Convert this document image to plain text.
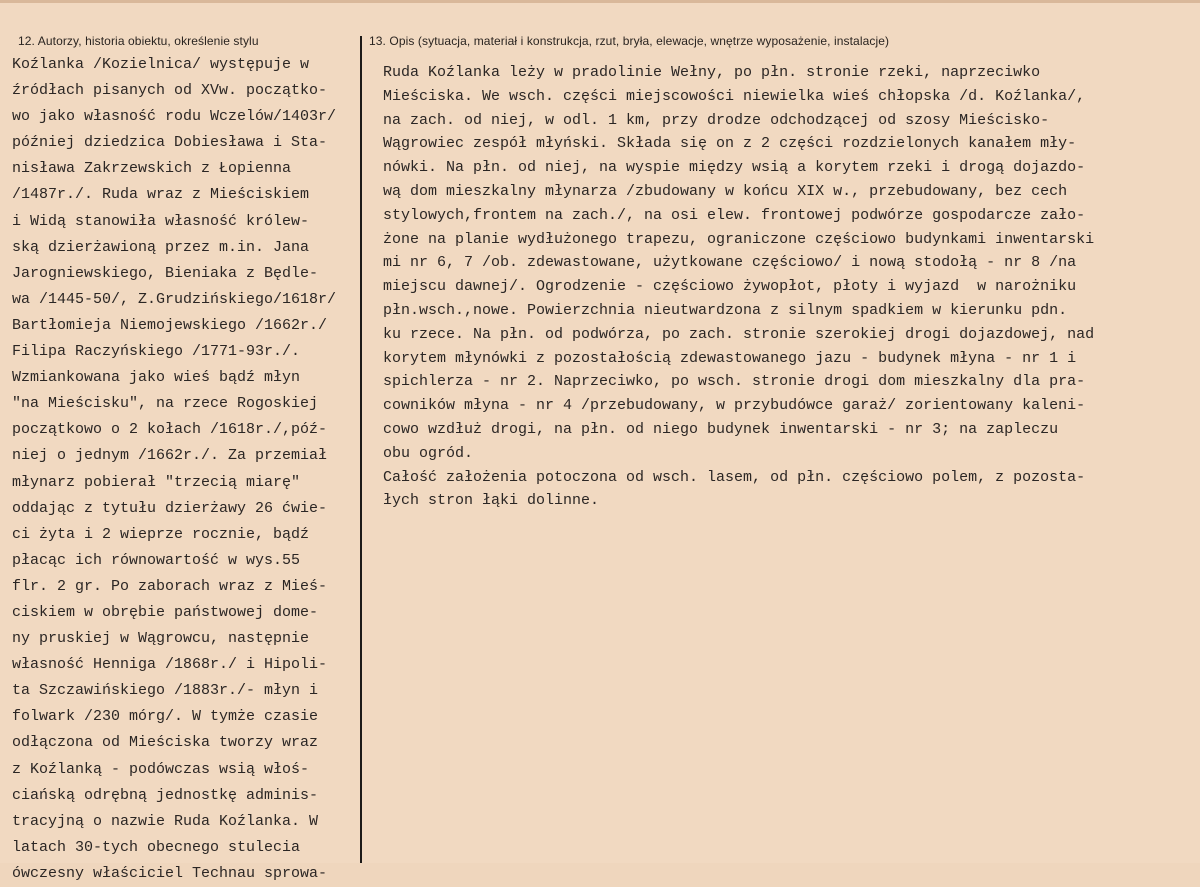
12. Autorzy, historia obiektu, określenie stylu	13. Opis (sytuacja, materiał i konstrukcja, rzut, bryła, elewacje, wnętrze wyposażenie, instalacje)
Koźlanka /Kozielnica/ występuje w
źródłach pisanych od XVw. początko-
wo jako własność rodu Wczelów/1403r/
później dziedzica Dobiesława i Sta-
nisława Zakrzewskich z Łopienna
/1487r./. Ruda wraz z Mieściskiem
i Widą stanowiła własność królew-
ską dzierżawioną przez m.in. Jana
Jarogniewskiego, Bieniaka z Będle-
wa /1445-50/, Z.Grudzińskiego/1618r/
Bartłomieja Niemojewskiego /1662r./
Filipa Raczyńskiego /1771-93r./.
Wzmiankowana jako wieś bądź młyn
"na Mieścisku", na rzece Rogoskiej
początkowo o 2 kołach /1618r./,póź-
niej o jednym /1662r./. Za przemiał
młynarz pobierał "trzecią miarę"
oddając z tytułu dzierżawy 26 ćwie-
ci żyta i 2 wieprze rocznie, bądź
płacąc ich równowartość w wys.55
flr. 2 gr. Po zaborach wraz z Mieś-
ciskiem w obrębie państwowej dome-
ny pruskiej w Wągrowcu, następnie
własność Henniga /1868r./ i Hipoli-
ta Szczawińskiego /1883r./- młyn i
folwark /230 mórg/. W tymże czasie
odłączona od Mieściska tworzy wraz
z Koźlanką - podówczas wsią włoś-
ciańską odrębną jednostkę adminis-
tracyjną o nazwie Ruda Koźlanka. W
latach 30-tych obecnego stulecia
ówczesny właściciel Technau sprowa-
Ruda Koźlanka leży w pradolinie Wełny, po płn. stronie rzeki, naprzeciwko
Mieściska. We wsch. części miejscowości niewielka wieś chłopska /d. Koźlanka/,
na zach. od niej, w odl. 1 km, przy drodze odchodzącej od szosy Mieścisko-
Wągrowiec zespół młyński. Składa się on z 2 części rozdzielonych kanałem mły-
nówki. Na płn. od niej, na wyspie między wsią a korytem rzeki i drogą dojazdo-
wą dom mieszkalny młynarza /zbudowany w końcu XIX w., przebudowany, bez cech
stylowych,frontem na zach./, na osi elew. frontowej podwórze gospodarcze zało-
żone na planie wydłużonego trapezu, ograniczone częściowo budynkami inwentarski
mi nr 6, 7 /ob. zdewastowane, użytkowane częściowo/ i nową stodołą - nr 8 /na
miejscu dawnej/. Ogrodzenie - częściowo żywopłot, płoty i wyjazd  w narożniku
płn.wsch.,nowe. Powierzchnia nieutwardzona z silnym spadkiem w kierunku pdn.
ku rzece. Na płn. od podwórza, po zach. stronie szerokiej drogi dojazdowej, nad
korytem młynówki z pozostałością zdewastowanego jazu - budynek młyna - nr 1 i
spichlerza - nr 2. Naprzeciwko, po wsch. stronie drogi dom mieszkalny dla pra-
cowników młyna - nr 4 /przebudowany, w przybudówce garaż/ zorientowany kaleni-
cowo wzdłuż drogi, na płn. od niego budynek inwentarski - nr 3; na zapleczu
obu ogród.
Całość założenia potoczona od wsch. lasem, od płn. częściowo polem, z pozosta-
łych stron łąki dolinne.
